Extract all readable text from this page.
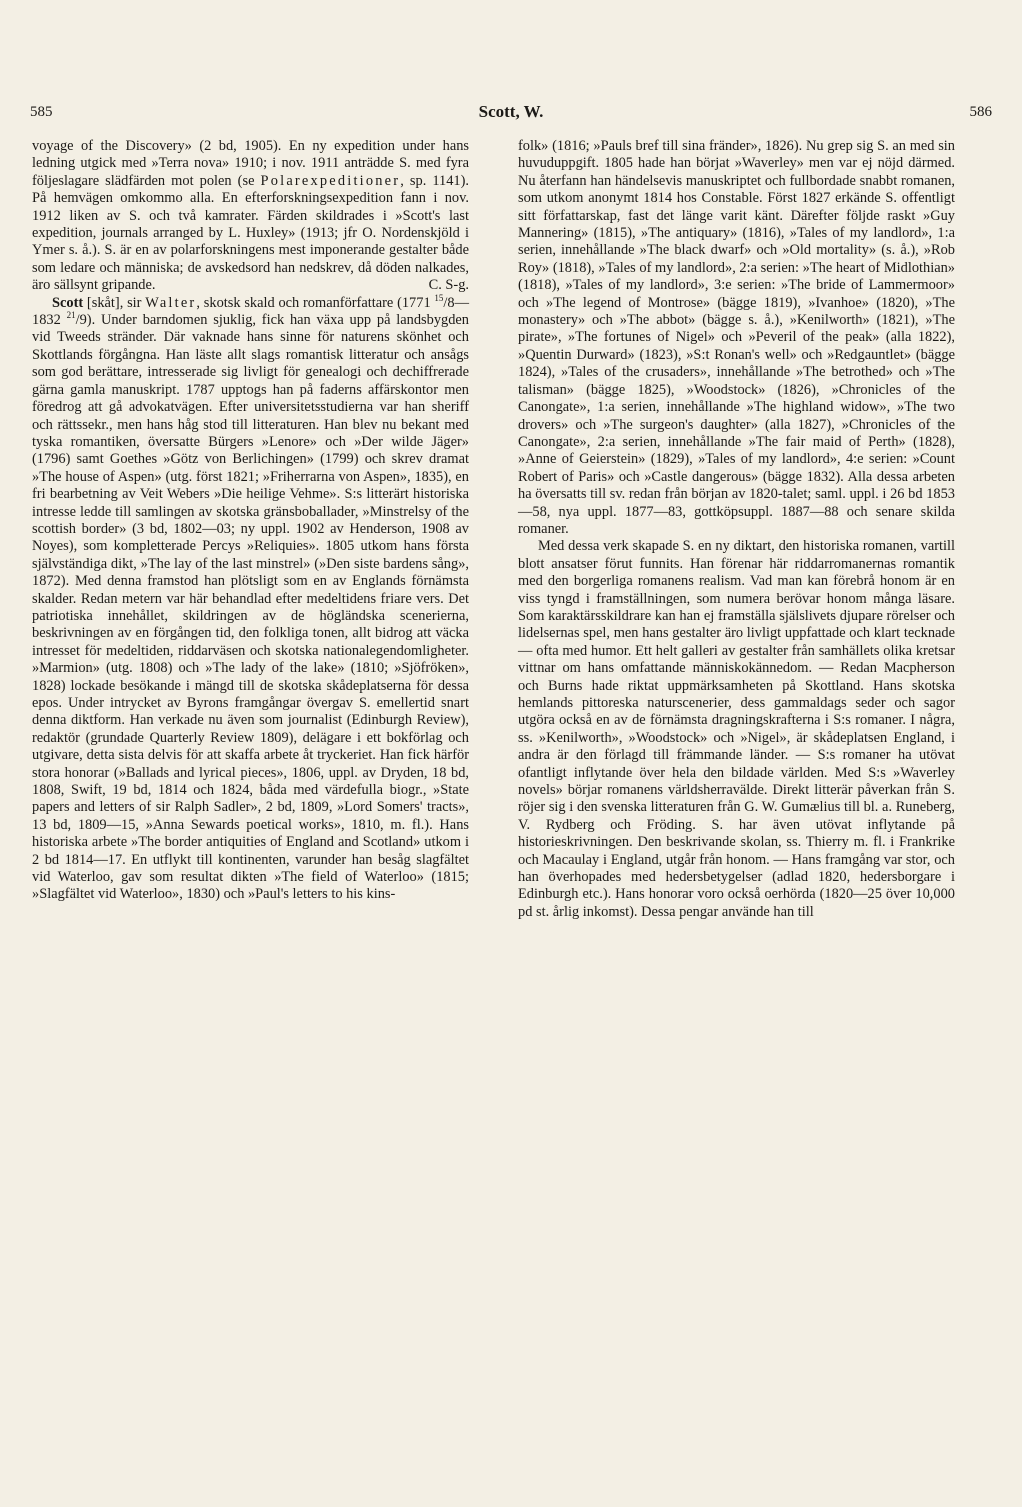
585	Scott, W.	586

voyage of the Discovery» (2 bd, 1905). En ny expedition under hans ledning utgick med »Terra nova» 1910; i nov. 1911 anträdde S. med fyra följeslagare slädfärden mot polen (se Polarexpeditioner, sp. 1141). På hemvägen omkommo alla. En efterforskningsexpedition fann i nov. 1912 liken av S. och två kamrater. Färden skildrades i »Scott's last expedition, journals arranged by L. Huxley» (1913; jfr O. Nordenskjöld i Ymer s. å.). S. är en av polarforskningens mest imponerande gestalter både som ledare och människa; de avskedsord han nedskrev, då döden nalkades, äro sällsynt gripande.	C. S-g.

Scott [skåt], sir Walter, skotsk skald och romanförfattare (1771 $^{15}$/8—1832 $^{21}$/9). Under barndomen sjuklig, fick han växa upp på landsbygden vid Tweeds stränder. Där vaknade hans sinne för naturens skönhet och Skottlands förgångna. Han läste allt slags romantisk litteratur och ansågs som god berättare, intresserade sig livligt för genealogi och dechiffrerade gärna gamla manuskript. 1787 upptogs han på faderns affärskontor men föredrog att gå advokatvägen. Efter universitetsstudierna var han sheriff och rättssekr., men hans håg stod till litteraturen. Han blev nu bekant med tyska romantiken, översatte Bürgers »Lenore» och »Der wilde Jäger» (1796) samt Goethes »Götz von Berlichingen» (1799) och skrev dramat »The house of Aspen» (utg. först 1821; »Friherrarna von Aspen», 1835), en fri bearbetning av Veit Webers »Die heilige Vehme». S:s litterärt historiska intresse ledde till samlingen av skotska gränsboballader, »Minstrelsy of the scottish border» (3 bd, 1802—03; ny uppl. 1902 av Henderson, 1908 av Noyes), som kompletterade Percys »Reliquies». 1805 utkom hans första självständiga dikt, »The lay of the last minstrel» (»Den siste bardens sång», 1872). Med denna framstod han plötsligt som en av Englands förnämsta skalder. Redan metern var här behandlad efter medeltidens friare vers. Det patriotiska innehållet, skildringen av de högländska scenerierna, beskrivningen av en förgången tid, den folkliga tonen, allt bidrog att väcka intresset för medeltiden, riddarväsen och skotska nationalegendomligheter. »Marmion» (utg. 1808) och »The lady of the lake» (1810; »Sjöfröken», 1828) lockade besökande i mängd till de skotska skådeplatserna för dessa epos. Under intrycket av Byrons framgångar övergav S. emellertid snart denna diktform. Han verkade nu även som journalist (Edinburgh Review), redaktör (grundade Quarterly Review 1809), delägare i ett bokförlag och utgivare, detta sista delvis för att skaffa arbete åt tryckeriet. Han fick härför stora honorar (»Ballads and lyrical pieces», 1806, uppl. av Dryden, 18 bd, 1808, Swift, 19 bd, 1814 och 1824, båda med värdefulla biogr., »State papers and letters of sir Ralph Sadler», 2 bd, 1809, »Lord Somers' tracts», 13 bd, 1809—15, »Anna Sewards poetical works», 1810, m. fl.). Hans historiska arbete »The border antiquities of England and Scotland» utkom i 2 bd 1814—17. En utflykt till kontinenten, varunder han besåg slagfältet vid Waterloo, gav som resultat dikten »The field of Waterloo» (1815; »Slagfältet vid Waterloo», 1830) och »Paul's letters to his kins-

folk» (1816; »Pauls bref till sina fränder», 1826). Nu grep sig S. an med sin huvuduppgift. 1805 hade han börjat »Waverley» men var ej nöjd därmed. Nu återfann han händelsevis manuskriptet och fullbordade snabbt romanen, som utkom anonymt 1814 hos Constable. Först 1827 erkände S. offentligt sitt författarskap, fast det länge varit känt. Därefter följde raskt »Guy Mannering» (1815), »The antiquary» (1816), »Tales of my landlord», 1:a serien, innehållande »The black dwarf» och »Old mortality» (s. å.), »Rob Roy» (1818), »Tales of my landlord», 2:a serien: »The heart of Midlothian» (1818), »Tales of my landlord», 3:e serien: »The bride of Lammermoor» och »The legend of Montrose» (bägge 1819), »Ivanhoe» (1820), »The monastery» och »The abbot» (bägge s. å.), »Kenilworth» (1821), »The pirate», »The fortunes of Nigel» och »Peveril of the peak» (alla 1822), »Quentin Durward» (1823), »S:t Ronan's well» och »Redgauntlet» (bägge 1824), »Tales of the crusaders», innehållande »The betrothed» och »The talisman» (bägge 1825), »Woodstock» (1826), »Chronicles of the Canongate», 1:a serien, innehållande »The highland widow», »The two drovers» och »The surgeon's daughter» (alla 1827), »Chronicles of the Canongate», 2:a serien, innehållande »The fair maid of Perth» (1828), »Anne of Geierstein» (1829), »Tales of my landlord», 4:e serien: »Count Robert of Paris» och »Castle dangerous» (bägge 1832). Alla dessa arbeten ha översatts till sv. redan från början av 1820-talet; saml. uppl. i 26 bd 1853—58, nya uppl. 1877—83, gottköpsuppl. 1887—88 och senare skilda romaner.

Med dessa verk skapade S. en ny diktart, den historiska romanen, vartill blott ansatser förut funnits. Han förenar här riddarromanernas romantik med den borgerliga romanens realism. Vad man kan förebrå honom är en viss tyngd i framställningen, som numera berövar honom många läsare. Som karaktärsskildrare kan han ej framställa själslivets djupare rörelser och lidelsernas spel, men hans gestalter äro livligt uppfattade och klart tecknade — ofta med humor. Ett helt galleri av gestalter från samhällets olika kretsar vittnar om hans omfattande människokännedom. — Redan Macpherson och Burns hade riktat uppmärksamheten på Skottland. Hans skotska hemlands pittoreska naturscenerier, dess gammaldags seder och sagor utgöra också en av de förnämsta dragningskrafterna i S:s romaner. I några, ss. »Kenilworth», »Woodstock» och »Nigel», är skådeplatsen England, i andra är den förlagd till främmande länder. — S:s romaner ha utövat ofantligt inflytande över hela den bildade världen. Med S:s »Waverley novels» börjar romanens världsherravälde. Direkt litterär påverkan från S. röjer sig i den svenska litteraturen från G. W. Gumælius till bl. a. Runeberg, V. Rydberg och Fröding. S. har även utövat inflytande på historieskrivningen. Den beskrivande skolan, ss. Thierry m. fl. i Frankrike och Macaulay i England, utgår från honom. — Hans framgång var stor, och han överhopades med hedersbetygelser (adlad 1820, hedersborgare i Edinburgh etc.). Hans honorar voro också oerhörda (1820—25 över 10,000 pd st. årlig inkomst). Dessa pengar använde han till
